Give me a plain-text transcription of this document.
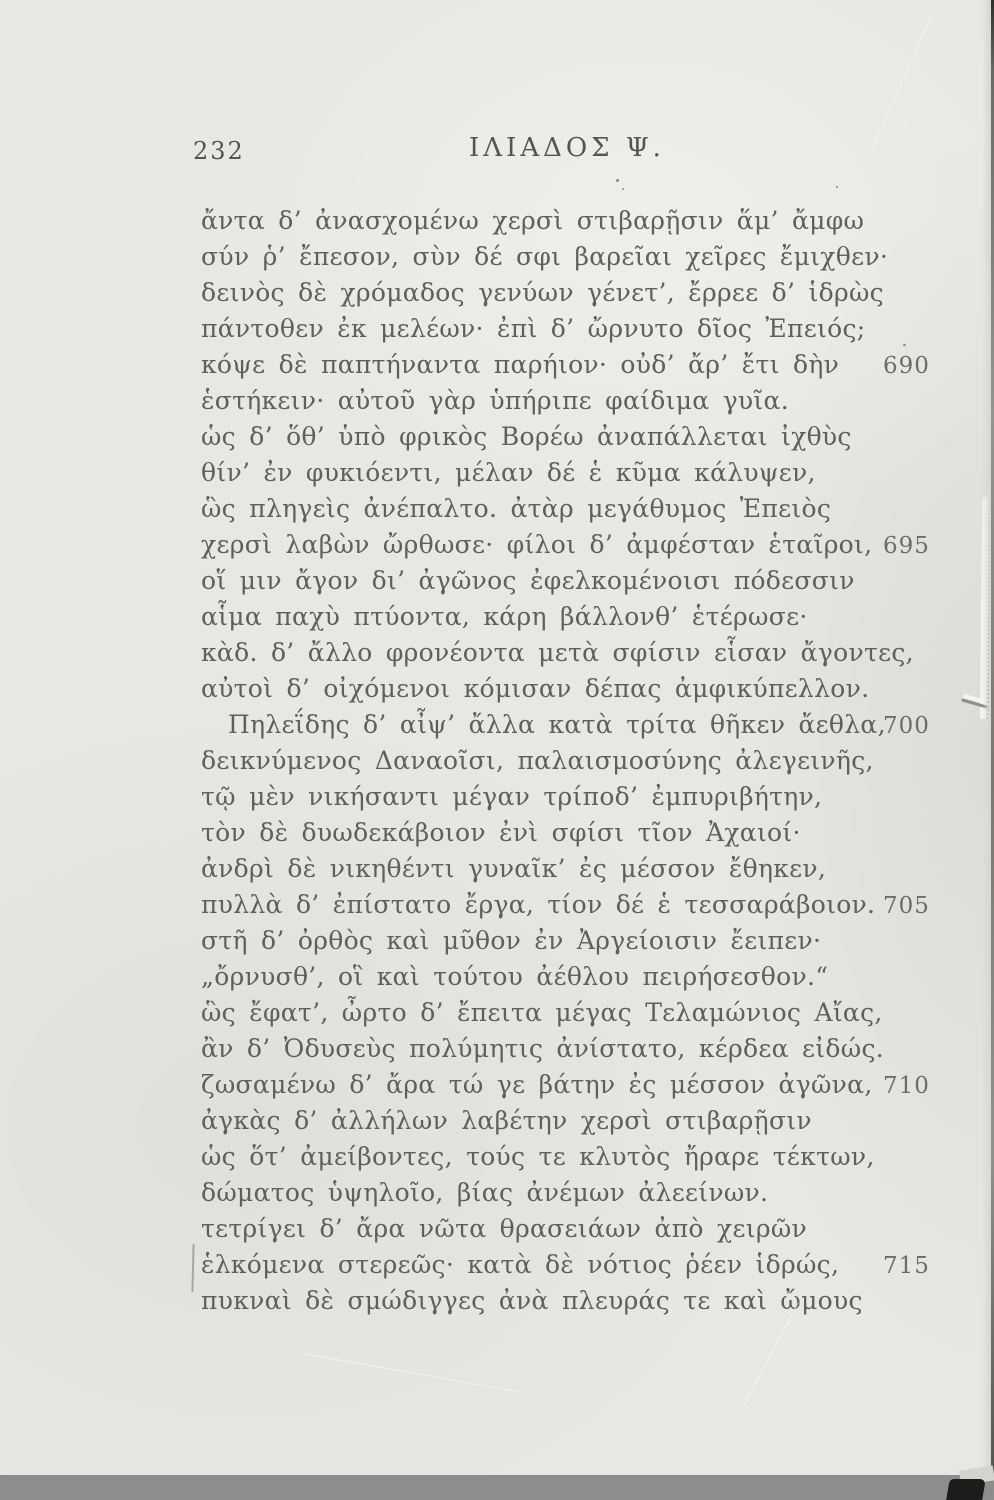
232	ΙΛΙΑΔΟΣ Ψ.
ἄντα δ’ ἀνασχομένω χερσὶ στιβαρῇσιν ἅμ’ ἄμφω
σύν ῥ’ ἔπεσον, σὺν δέ σφι βαρεῖαι χεῖρες ἔμιχθεν·
δεινὸς δὲ χρόμαδος γενύων γένετ’, ἔρρεε δ’ ἱδρὼς
πάντοθεν ἐκ μελέων· ἐπὶ δ’ ὤρνυτο δῖος Ἐπειός;
κόψε δὲ παπτήναντα παρήιον· οὐδ’ ἄρ’ ἔτι δὴν 690
ἑστήκειν· αὐτοῦ γὰρ ὑπήριπε φαίδιμα γυῖα.
ὡς δ’ ὅθ’ ὑπὸ φρικὸς Βορέω ἀναπάλλεται ἰχθὺς
θίν’ ἐν φυκιόεντι, μέλαν δέ ἑ κῦμα κάλυψεν,
ὣς πληγεὶς ἀνέπαλτο. ἀτὰρ μεγάθυμος Ἐπειὸς
χερσὶ λαβὼν ὤρθωσε· φίλοι δ’ ἀμφέσταν ἑταῖροι, 695
οἵ μιν ἄγον δι’ ἀγῶνος ἐφελκομένοισι πόδεσσιν
αἷμα παχὺ πτύοντα, κάρη βάλλονθ’ ἑτέρωσε·
κὰδ. δ’ ἄλλο φρονέοντα μετὰ σφίσιν εἷσαν ἄγοντες,
αὐτοὶ δ’ οἰχόμενοι κόμισαν δέπας ἀμφικύπελλον.
Πηλεΐδης δ’ αἶψ’ ἄλλα κατὰ τρίτα θῆκεν ἄεθλα,
700
δεικνύμενος Δαναοῖσι, παλαισμοσύνης ἀλεγεινῆς,
τῷ μὲν νικήσαντι μέγαν τρίποδ’ ἐμπυριβήτην,
τὸν δὲ δυωδεκάβοιον ἐνὶ σφίσι τῖον Ἀχαιοί·
ἀνδρὶ δὲ νικηθέντι γυναῖκ’ ἐς μέσσον ἔθηκεν,
πυλλὰ δ’ ἐπίστατο ἔργα, τίον δέ ἑ τεσσαράβοιον. 705
στῆ δ’ ὀρθὸς καὶ μῦθον ἐν Ἀργείοισιν ἔειπεν·
„ὄρνυσθ’, οἳ καὶ τούτου ἀέθλου πειρήσεσθον.“
ὣς ἔφατ’, ὦρτο δ’ ἔπειτα μέγας Τελαμώνιος Αἴας,
ἂν δ’ Ὀδυσεὺς πολύμητις ἀνίστατο, κέρδεα εἰδώς.
ζωσαμένω δ’ ἄρα τώ γε βάτην ἐς μέσσον ἀγῶνα, 710
ἀγκὰς δ’ ἀλλήλων λαβέτην χερσὶ στιβαρῇσιν
ὡς ὅτ’ ἀμείβοντες, τούς τε κλυτὸς ἤραρε τέκτων,
δώματος ὑψηλοῖο, βίας ἀνέμων ἀλεείνων.
τετρίγει δ’ ἄρα νῶτα θρασειάων ἀπὸ χειρῶν
ἑλκόμενα στερεῶς· κατὰ δὲ νότιος ῥέεν ἱδρώς, 715
πυκναὶ δὲ σμώδιγγες ἀνὰ πλευράς τε καὶ ὤμους
